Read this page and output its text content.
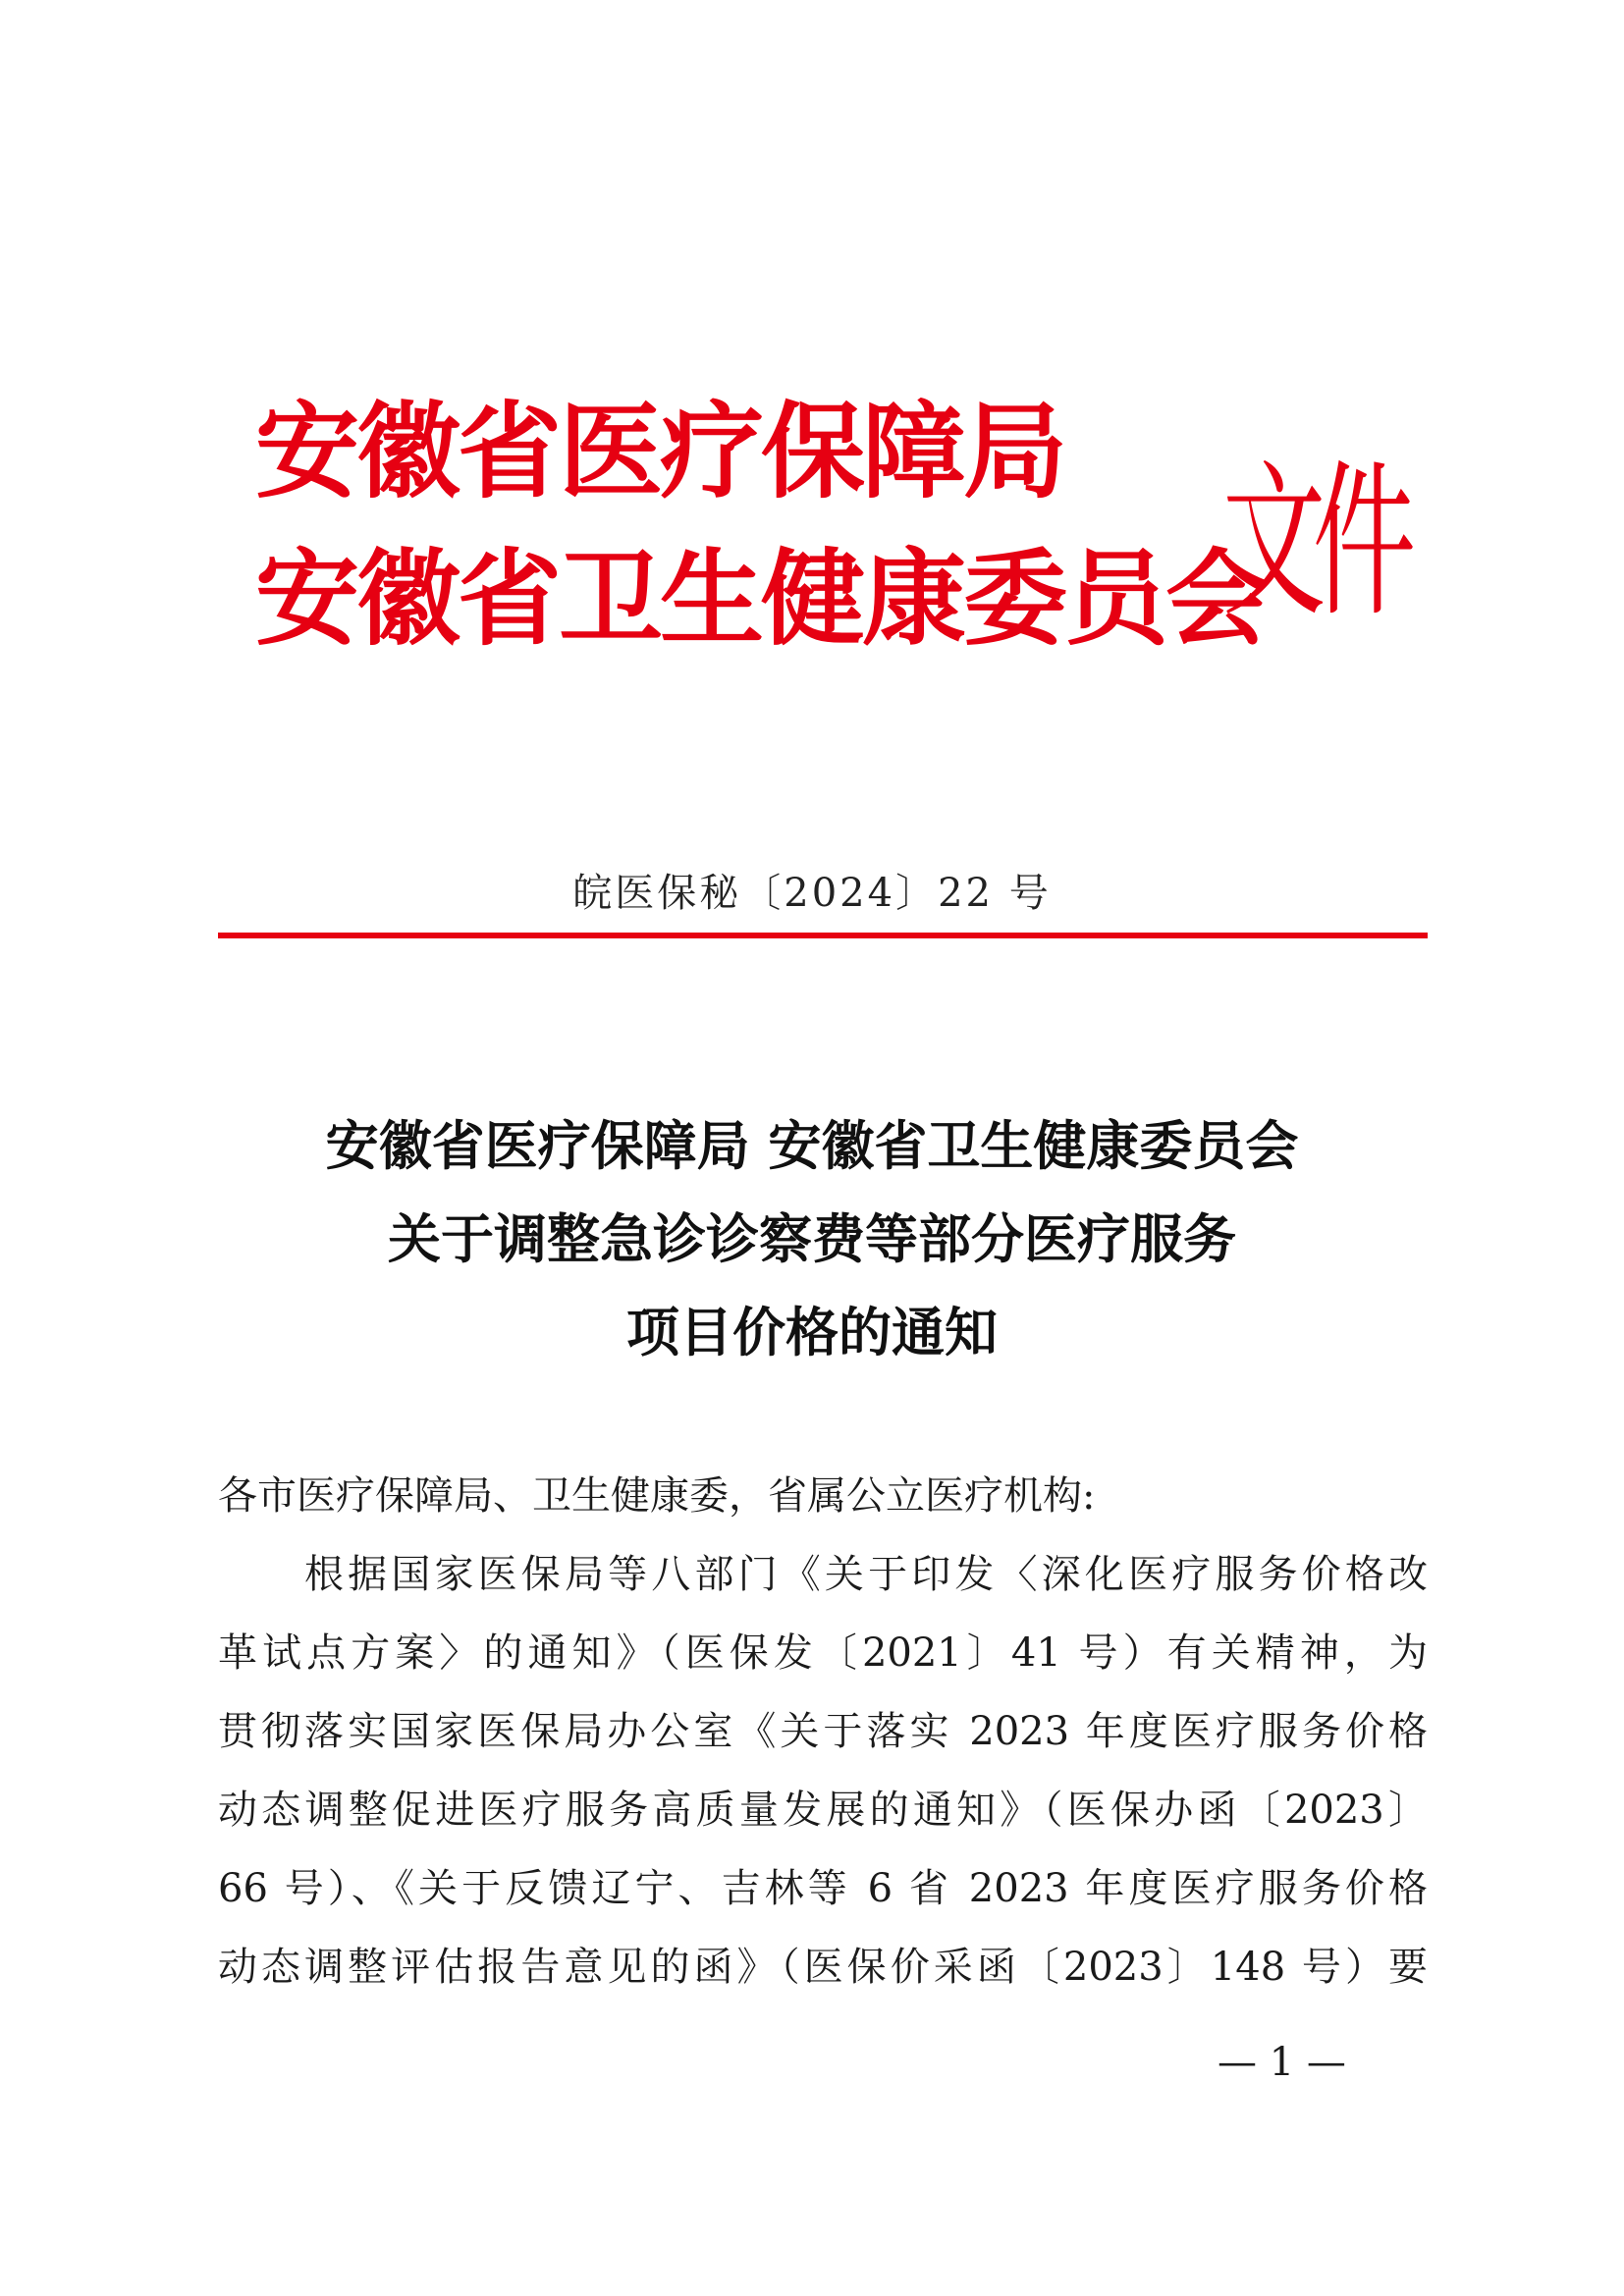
安徽省医疗保障局
安徽省卫生健康委员会
文件
皖医保秘〔2024〕22 号
安徽省医疗保障局 安徽省卫生健康委员会
关于调整急诊诊察费等部分医疗服务
项目价格的通知
各市医疗保障局、卫生健康委，省属公立医疗机构:
根据国家医保局等八部门《关于印发〈深化医疗服务价格改
革试点方案〉的通知》（医保发〔2021〕41 号）有关精神，为
贯彻落实国家医保局办公室《关于落实 2023 年度医疗服务价格
动态调整促进医疗服务高质量发展的通知》（医保办函〔2023〕
66 号）、《关于反馈辽宁、吉林等 6 省 2023 年度医疗服务价格
动态调整评估报告意见的函》（医保价采函〔2023〕148 号）要
— 1 —
